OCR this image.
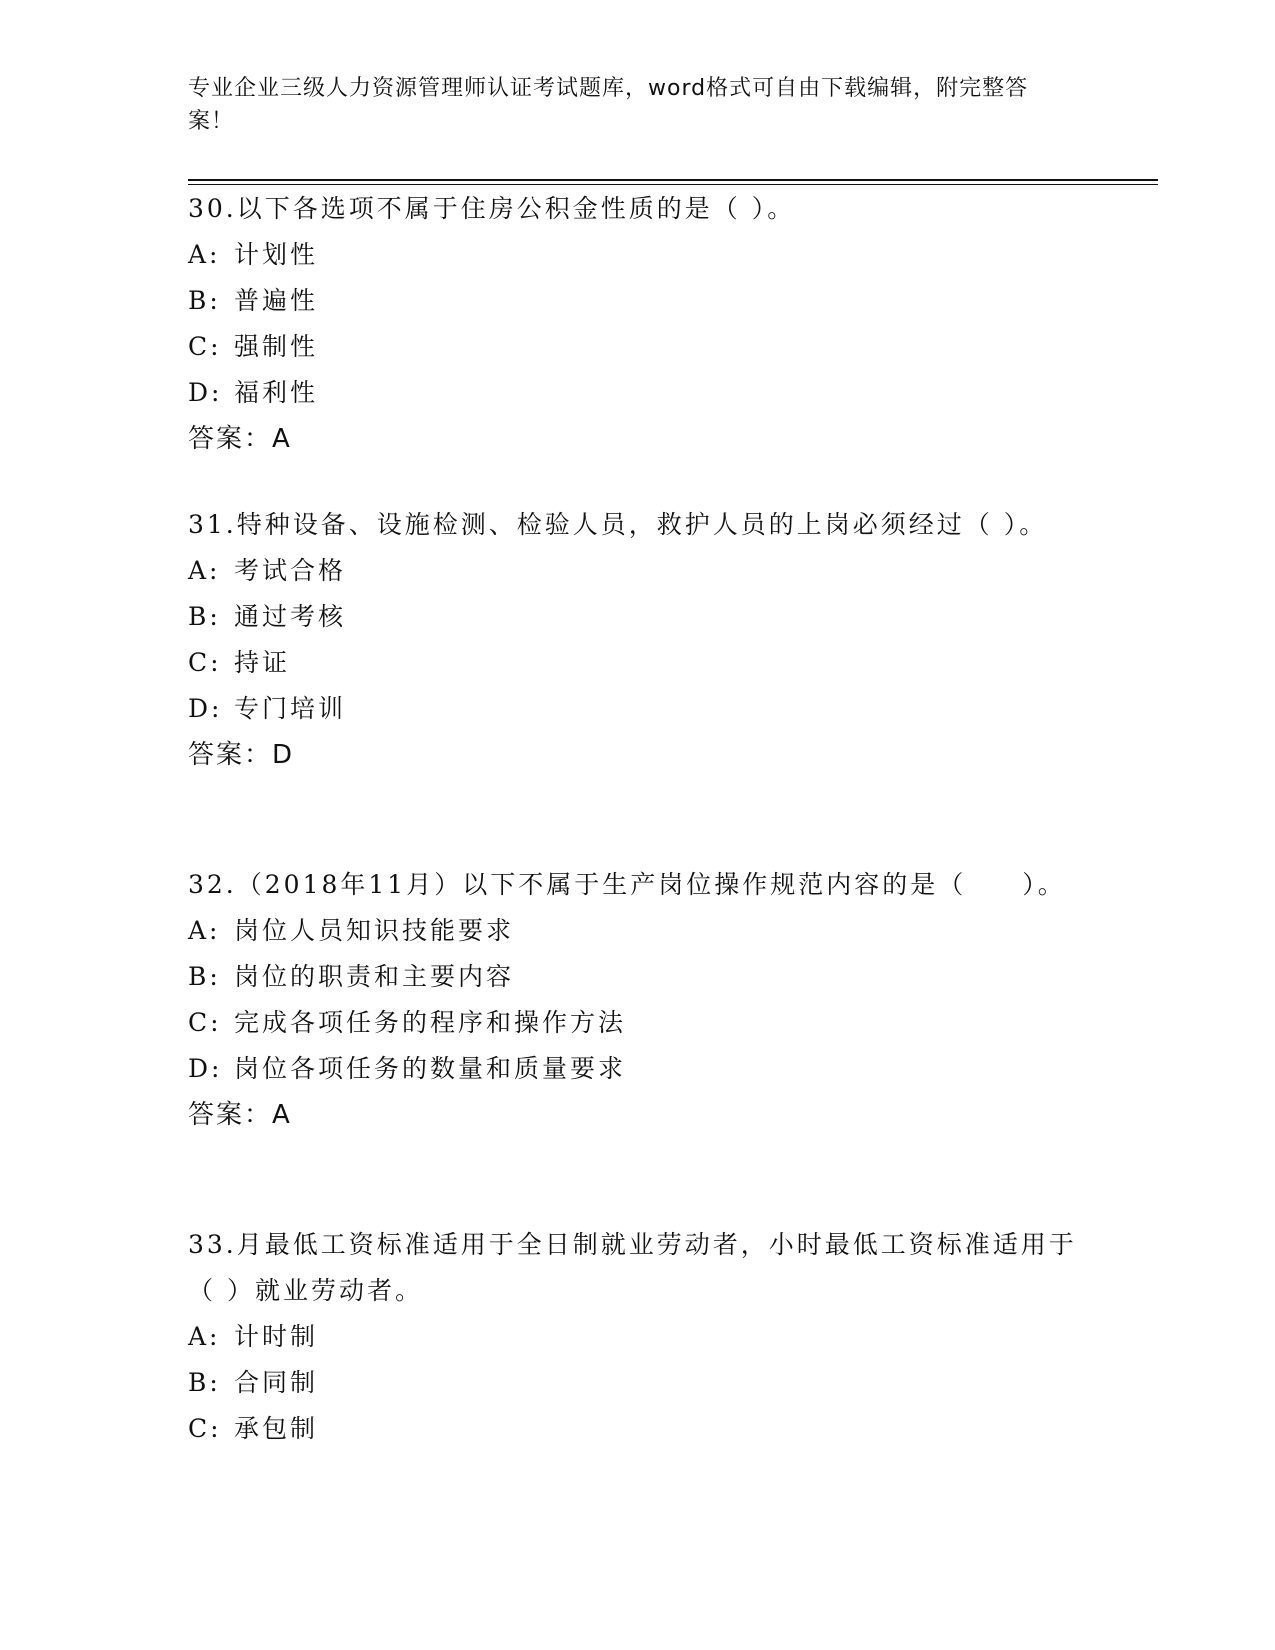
专业企业三级人力资源管理师认证考试题库，word格式可自由下载编辑，附完整答案！

30.以下各选项不属于住房公积金性质的是（ ）。

A: 计划性

B: 普遍性

C: 强制性

D: 福利性

答案：A

31.特种设备、设施检测、检验人员，救护人员的上岗必须经过（ ）。

A: 考试合格

B: 通过考核

C: 持证

D: 专门培训

答案：D

32.（2018年11月）以下不属于生产岗位操作规范内容的是（　　）。

A: 岗位人员知识技能要求

B: 岗位的职责和主要内容

C: 完成各项任务的程序和操作方法

D: 岗位各项任务的数量和质量要求

答案：A

33.月最低工资标准适用于全日制就业劳动者，小时最低工资标准适用于（ ）就业劳动者。

A: 计时制

B: 合同制

C: 承包制
